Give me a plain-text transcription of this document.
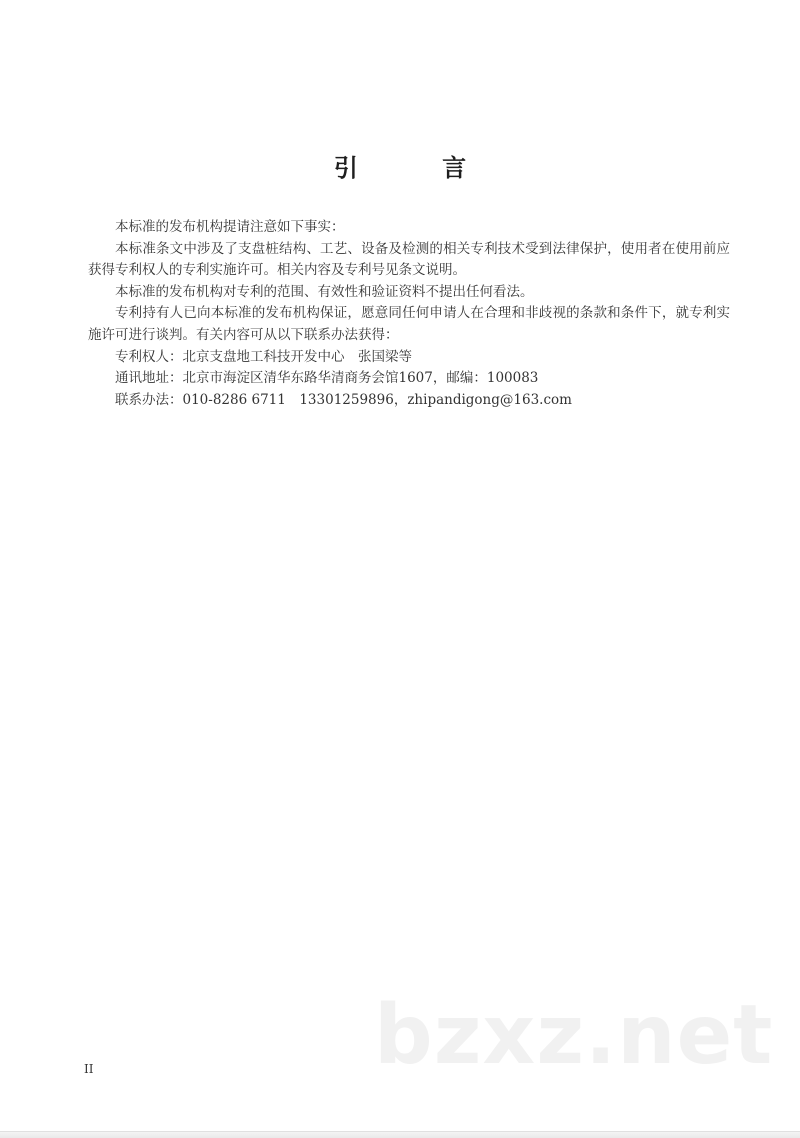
引 言

本标准的发布机构提请注意如下事实：

本标准条文中涉及了支盘桩结构、工艺、设备及检测的相关专利技术受到法律保护，使用者在使用前应获得专利权人的专利实施许可。相关内容及专利号见条文说明。

本标准的发布机构对专利的范围、有效性和验证资料不提出任何看法。

专利持有人已向本标准的发布机构保证，愿意同任何申请人在合理和非歧视的条款和条件下，就专利实施许可进行谈判。有关内容可从以下联系办法获得：

专利权人：北京支盘地工科技开发中心　张国梁等

通讯地址：北京市海淀区清华东路华清商务会馆1607，邮编：100083

联系办法：010-8286 6711　13301259896，zhipandigong@163.com

II	bzxz.net
